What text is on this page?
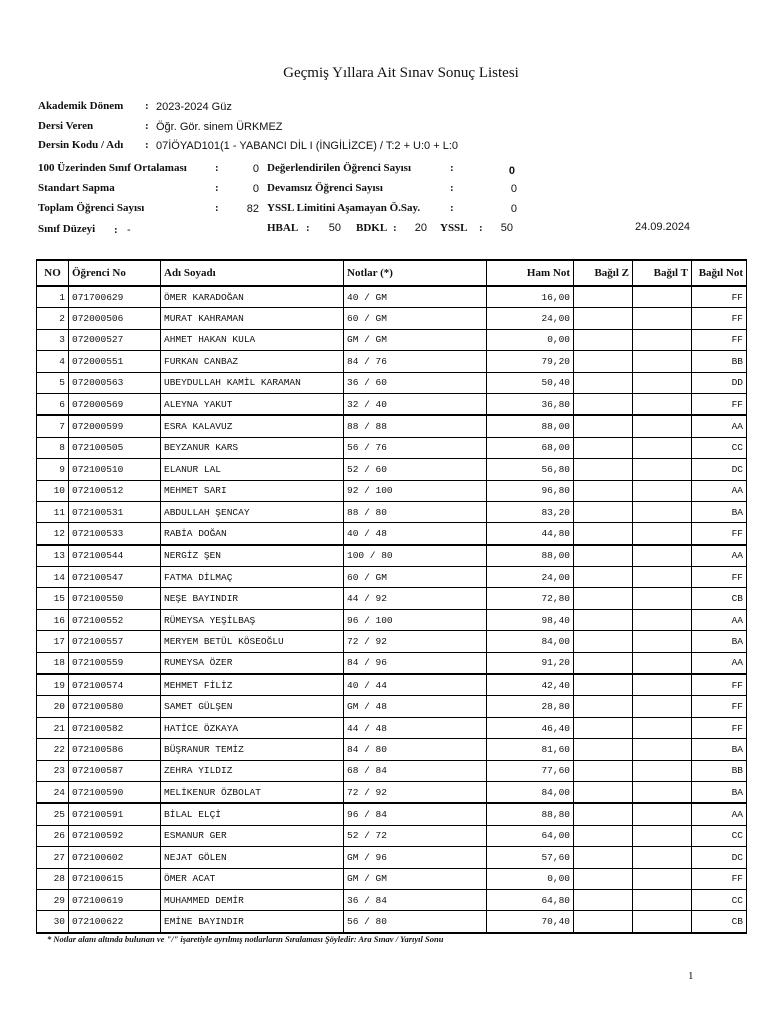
Geçmiş Yıllara Ait Sınav Sonuç Listesi
Akademik Dönem : 2023-2024 Güz
Dersi Veren	: Öğr. Gör. sinem ÜRKMEZ
Dersin Kodu / Adı : 07İÖYAD101(1 - YABANCI DİL I (İNGİLİZCE) / T:2 + U:0 + L:0
100 Üzerinden Sınıf Ortalaması	:	0
Standart Sapma	:	0
Toplam Öğrenci Sayısı	:	82
Sınıf Düzeyi : -
Değerlendirilen Öğrenci Sayısı	:	0
Devamsız Öğrenci Sayısı	:	0
YSSL Limitini Aşamayan Ö.Say.	:	0
HBAL :	50 BDKL :	20 YSSL :	50	24.09.2024
NO	Öğrenci No	Adı Soyadı	Notlar (*)	Ham Not	Bağıl Z	Bağıl T	Bağıl Not
1	071700629	ÖMER KARADOĞAN	40 / GM	16,00			FF
2	072000506	MURAT KAHRAMAN	60 / GM	24,00			FF
3	072000527	AHMET HAKAN KULA	GM / GM	0,00			FF
4	072000551	FURKAN CANBAZ	84 / 76	79,20			BB
5	072000563	UBEYDULLAH KAMİL KARAMAN	36 / 60	50,40			DD
6	072000569	ALEYNA YAKUT	32 / 40	36,80			FF
7	072000599	ESRA KALAVUZ	88 / 88	88,00			AA
8	072100505	BEYZANUR KARS	56 / 76	68,00			CC
9	072100510	ELANUR LAL	52 / 60	56,80			DC
10	072100512	MEHMET SARI	92 / 100	96,80			AA
11	072100531	ABDULLAH ŞENCAY	88 / 80	83,20			BA
12	072100533	RABİA DOĞAN	40 / 48	44,80			FF
13	072100544	NERGİZ ŞEN	100 / 80	88,00			AA
14	072100547	FATMA DİLMAÇ	60 / GM	24,00			FF
15	072100550	NEŞE BAYINDIR	44 / 92	72,80			CB
16	072100552	RÜMEYSA YEŞİLBAŞ	96 / 100	98,40			AA
17	072100557	MERYEM BETÜL KÖSEOĞLU	72 / 92	84,00			BA
18	072100559	RUMEYSA ÖZER	84 / 96	91,20			AA
19	072100574	MEHMET FİLİZ	40 / 44	42,40			FF
20	072100580	SAMET GÜLŞEN	GM / 48	28,80			FF
21	072100582	HATİCE ÖZKAYA	44 / 48	46,40			FF
22	072100586	BÜŞRANUR TEMİZ	84 / 80	81,60			BA
23	072100587	ZEHRA YILDIZ	68 / 84	77,60			BB
24	072100590	MELİKENUR ÖZBOLAT	72 / 92	84,00			BA
25	072100591	BİLAL ELÇİ	96 / 84	88,80			AA
26	072100592	ESMANUR GER	52 / 72	64,00			CC
27	072100602	NEJAT GÖLEN	GM / 96	57,60			DC
28	072100615	ÖMER ACAT	GM / GM	0,00			FF
29	072100619	MUHAMMED DEMİR	36 / 84	64,80			CC
30	072100622	EMİNE BAYINDIR	56 / 80	70,40			CB
* Notlar alanı altında bulunan ve "/" işaretiyle ayrılmış notlarların Sıralaması Şöyledir: Ara Sınav / Yarıyıl Sonu
1
